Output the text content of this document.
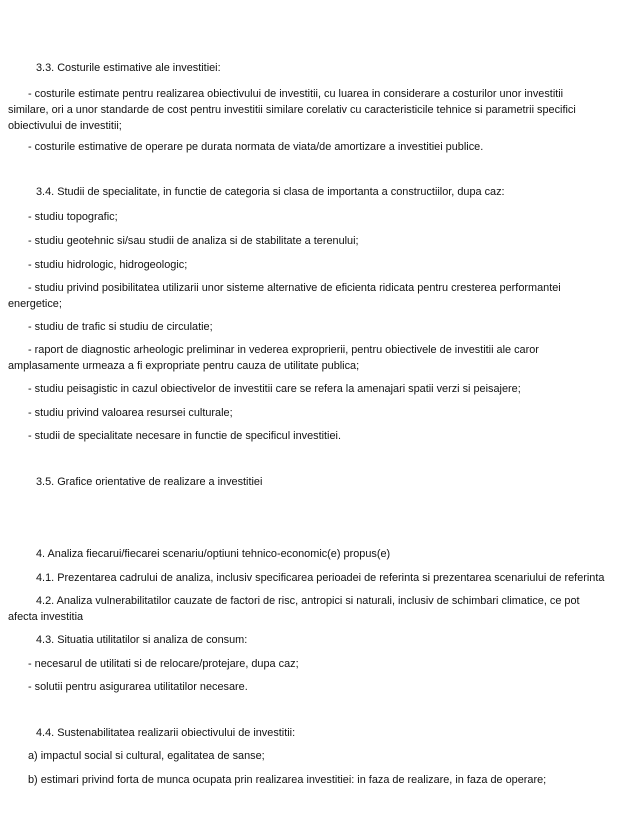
3.3. Costurile estimative ale investitiei:
- costurile estimate pentru realizarea obiectivului de investitii, cu luarea in considerare a costurilor unor investitii
similare, ori a unor standarde de cost pentru investitii similare corelativ cu caracteristicile tehnice si parametrii specifici
obiectivului de investitii;
- costurile estimative de operare pe durata normata de viata/de amortizare a investitiei publice.
3.4. Studii de specialitate, in functie de categoria si clasa de importanta a constructiilor, dupa caz:
- studiu topografic;
- studiu geotehnic si/sau studii de analiza si de stabilitate a terenului;
- studiu hidrologic, hidrogeologic;
- studiu privind posibilitatea utilizarii unor sisteme alternative de eficienta ridicata pentru cresterea performantei
energetice;
- studiu de trafic si studiu de circulatie;
- raport de diagnostic arheologic preliminar in vederea exproprierii, pentru obiectivele de investitii ale caror
amplasamente urmeaza a fi expropriate pentru cauza de utilitate publica;
- studiu peisagistic in cazul obiectivelor de investitii care se refera la amenajari spatii verzi si peisajere;
- studiu privind valoarea resursei culturale;
- studii de specialitate necesare in functie de specificul investitiei.
3.5. Grafice orientative de realizare a investitiei
4. Analiza fiecarui/fiecarei scenariu/optiuni tehnico-economic(e) propus(e)
4.1. Prezentarea cadrului de analiza, inclusiv specificarea perioadei de referinta si prezentarea scenariului de referinta
4.2. Analiza vulnerabilitatilor cauzate de factori de risc, antropici si naturali, inclusiv de schimbari climatice, ce pot
afecta investitia
4.3. Situatia utilitatilor si analiza de consum:
- necesarul de utilitati si de relocare/protejare, dupa caz;
- solutii pentru asigurarea utilitatilor necesare.
4.4. Sustenabilitatea realizarii obiectivului de investitii:
a) impactul social si cultural, egalitatea de sanse;
b) estimari privind forta de munca ocupata prin realizarea investitiei: in faza de realizare, in faza de operare;
